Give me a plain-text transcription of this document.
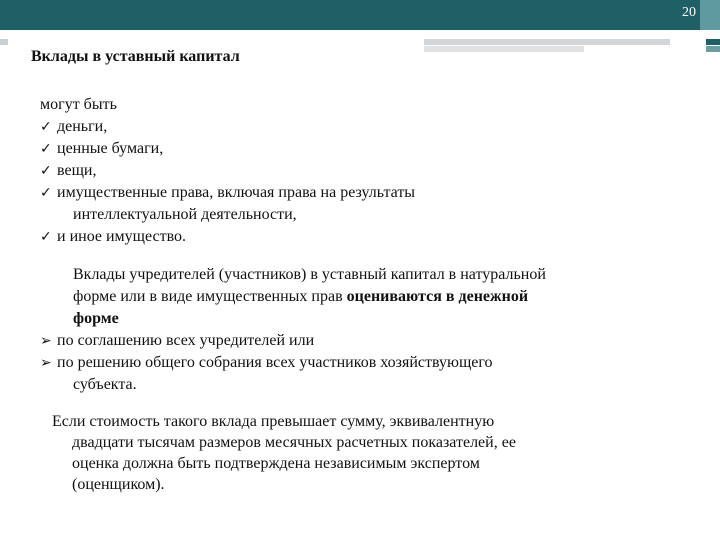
20
Вклады в уставный капитал
могут быть
✓ деньги,
✓ ценные бумаги,
✓ вещи,
✓ имущественные права, включая права на результаты
интеллектуальной деятельности,
✓ и иное имущество.
Вклады учредителей (участников) в уставный капитал в натуральной
форме или в виде имущественных прав оцениваются в денежной
форме
➢ по соглашению всех учредителей или
➢ по решению общего собрания всех участников хозяйствующего
субъекта.
Если стоимость такого вклада превышает сумму, эквивалентную
двадцати тысячам размеров месячных расчетных показателей, ее
оценка должна быть подтверждена независимым экспертом
(оценщиком).
